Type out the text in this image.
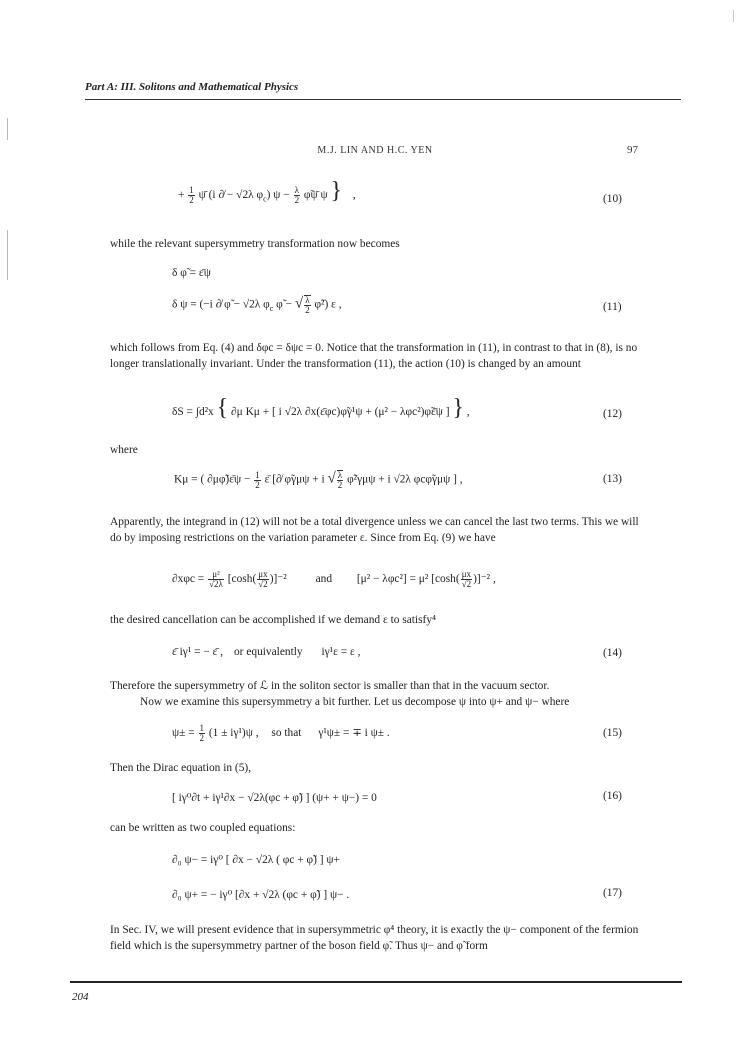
Part A: III. Solitons and Mathematical Physics
M.J. LIN AND H.C. YEN	97
+ $\frac{1}{2}$ ψ̄ (i ∂̸ − √2λ $\varphi_c$) $\psi - \frac{\lambda}{2}$ φ̃ψ̄ ψ } ,	(10)
while the relevant supersymmetry transformation now becomes
δ φ̃ = ε̄ψ
δ ψ = (−i ∂̸ φ̃ − √2λ $\varphi_c$ φ̃ − √ $\frac{\lambda}{2}$ φ̃²) ε ,	(11)
which follows from Eq. (4) and δφc = δψc = 0. Notice that the transformation in (11), in contrast to that in (8), is no longer translationally invariant. Under the transformation (11), the action (10) is changed by an amount
δS = ∫d²x { ∂μ Kμ + [ i √2λ ∂x(ε̄φc)φ̃γ¹ψ + (μ² − λφc²)φ̃ε̄ψ ] } ,	(12)
where
Kμ = ( ∂μφ̃)ε̄ψ − $\frac{1}{2}$ ε̄ [∂̸ φ̃γμψ + i √ $\frac{\lambda}{2}$ φ̃²γμψ + i √2λ φcφ̃γμψ ] ,	(13)
Apparently, the integrand in (12) will not be a total divergence unless we can cancel the last two terms. This we will do by imposing restrictions on the variation parameter ε. Since from Eq. (9) we have
$\partial x\varphi c = \frac{\text{μ²}}{√2\lambda} [\cosh( \frac{\mu x}{√2} )]^{-2}$	and [μ² − λφc²] = μ² $[\cosh( \frac{\mu x}{√2} )]^{-2}$ ,
the desired cancellation can be accomplished if we demand ε to satisfy⁴
ε̄ iγ¹ = − ε̄ , or equivalently iγ¹ε = ε ,	(14)
Therefore the supersymmetry of ℒ in the soliton sector is smaller than that in the vacuum sector.
Now we examine this supersymmetry a bit further. Let us decompose ψ into ψ+ and ψ− where
$\psi\pm = \frac{1}{2} (1 \pm i\gamma^1)\psi$ , so that γ¹ψ± = ∓ i ψ± .	(15)
Then the Dirac equation in (5),
[ iγ⁰∂t + iγ¹∂x − √2λ(φc + φ̃) ] (ψ+ + ψ−) = 0	(16)
can be written as two coupled equations:
∂₀ ψ− = iγ⁰ [ ∂x − √2λ ( φc + φ̃) ] ψ+
∂₀ ψ+ = − iγ⁰ [∂x + √2λ (φc + φ̃) ] ψ− .	(17)
In Sec. IV, we will present evidence that in supersymmetric φ⁴ theory, it is exactly the ψ− component of the fermion field which is the supersymmetry partner of the boson field φ̃. Thus ψ− and φ̃ form
204
